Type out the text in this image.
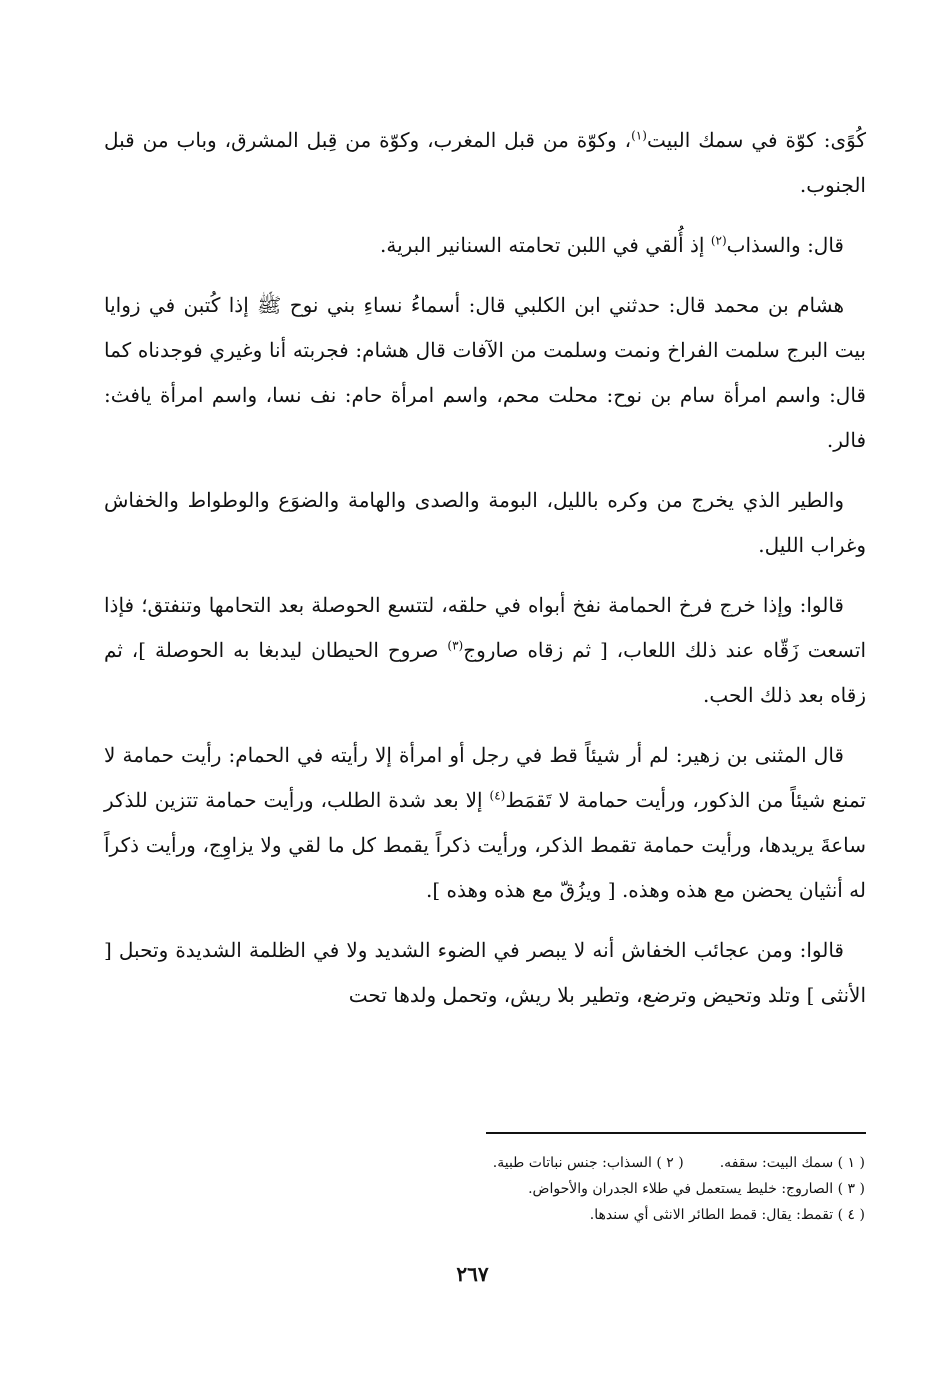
كُوًى: كوّة في سمك البيت$^{(١)}$، وكوّة من قبل المغرب، وكوّة من قِبل المشرق، وباب من قبل الجنوب.

قال: والسذاب$^{(٢)}$ إذ أُلقي في اللبن تحامته السنانير البرية.

هشام بن محمد قال: حدثني ابن الكلبي قال: أسماءُ نساءِ بني نوح ﷺ إذا كُتبن في زوايا بيت البرج سلمت الفراخ ونمت وسلمت من الآفات قال هشام: فجربته أنا وغيري فوجدناه كما قال: واسم امرأة سام بن نوح: محلت محم، واسم امرأة حام: نف نسا، واسم امرأة يافث: فالر.

والطير الذي يخرج من وكره بالليل، البومة والصدى والهامة والضوَع والوطواط والخفاش وغراب الليل.

قالوا: وإذا خرج فرخ الحمامة نفخ أبواه في حلقه، لتتسع الحوصلة بعد التحامها وتنفتق؛ فإذا اتسعت زَقّاه عند ذلك اللعاب، [ ثم زقاه صاروج$^{(٣)}$ صروح الحيطان ليدبغا به الحوصلة ]، ثم زقاه بعد ذلك الحب.

قال المثنى بن زهير: لم أر شيئاً قط في رجل أو امرأة إلا رأيته في الحمام: رأيت حمامة لا تمنع شيئاً من الذكور، ورأيت حمامة لا تَقمَط$^{(٤)}$ إلا بعد شدة الطلب، ورأيت حمامة تتزين للذكر ساعةَ يريدها، ورأيت حمامة تقمط الذكر، ورأيت ذكراً يقمط كل ما لقي ولا يزاوِج، ورأيت ذكراً له أنثيان يحضن مع هذه وهذه. [ ويزُقّ مع هذه وهذه ].

قالوا: ومن عجائب الخفاش أنه لا يبصر في الضوء الشديد ولا في الظلمة الشديدة وتحبل [ الأنثى ] وتلد وتحيض وترضع، وتطير بلا ريش، وتحمل ولدها تحت

( ١ ) سمك البيت: سقفه.( ٢ ) السذاب: جنس نباتات طبية.
( ٣ ) الصاروج: خليط يستعمل في طلاء الجدران والأحواض.
( ٤ ) تقمط: يقال: قمط الطائر الانثى أي سندها.
٢٦٧
